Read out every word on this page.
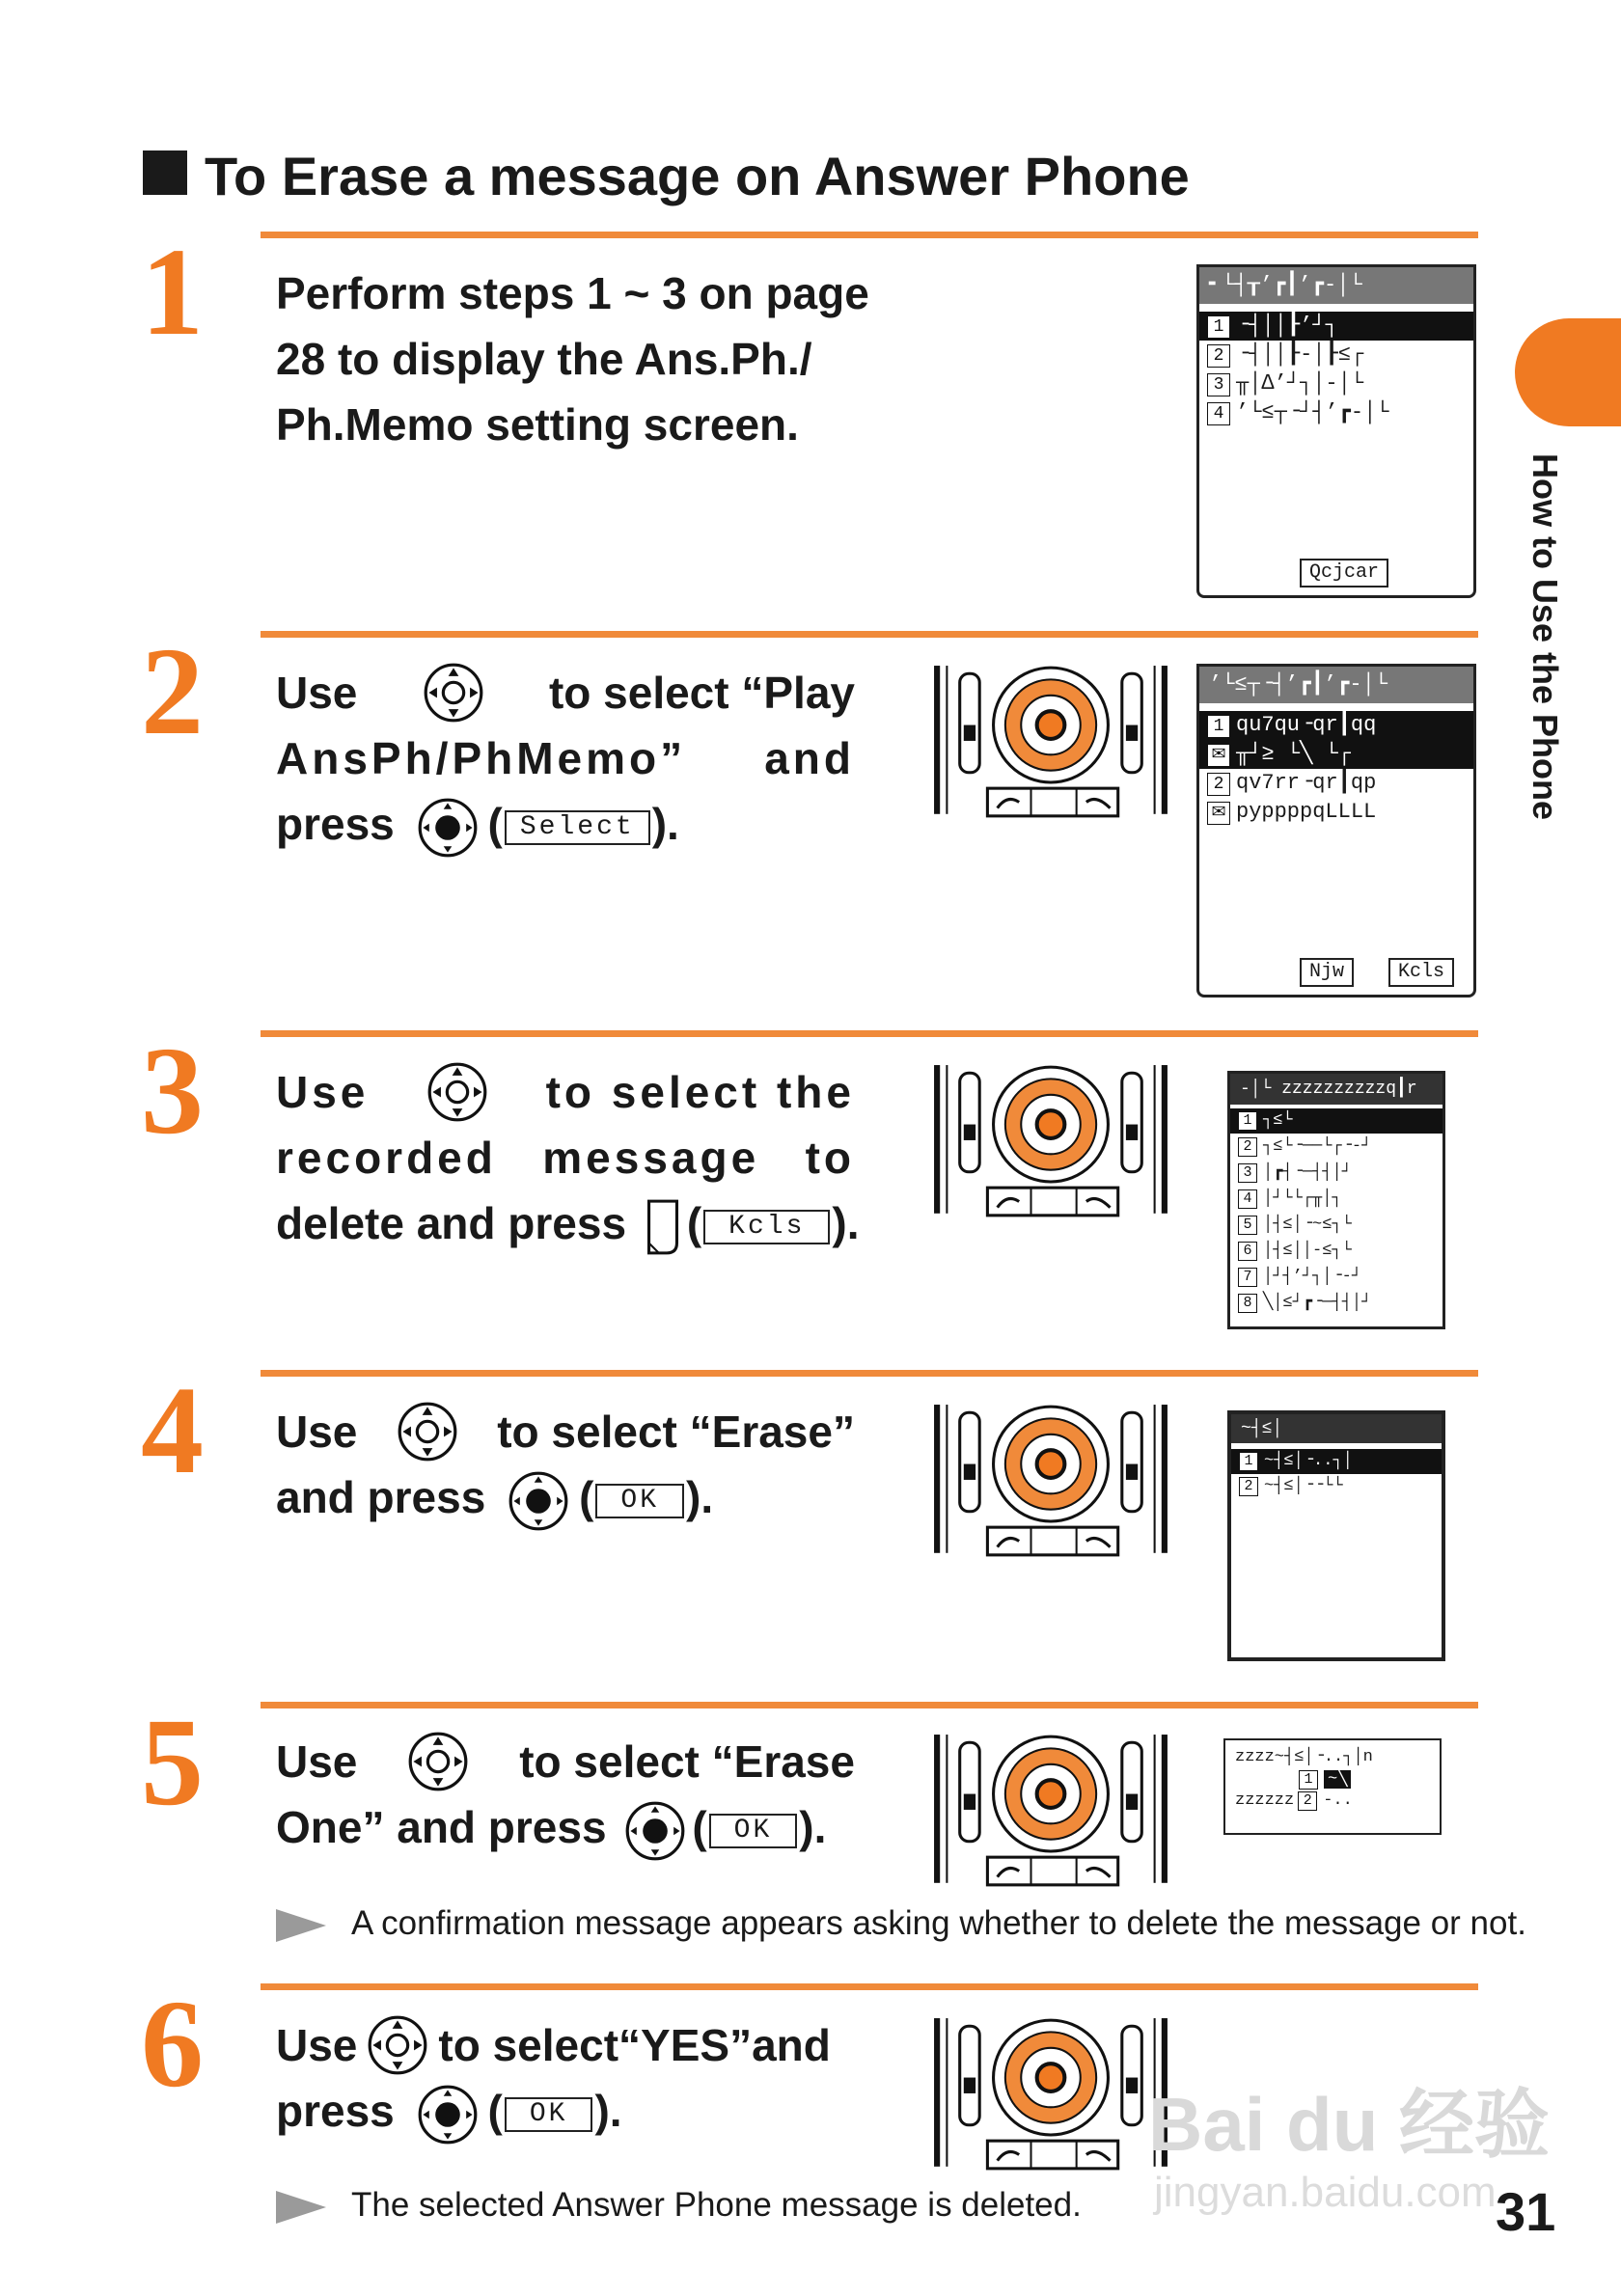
To Erase a message on Answer Phone
How to Use the Phone
1 Perform steps 1 ~ 3 on page
28 to display the Ans.Ph./
Ph.Memo setting screen.
╸└┤┰’┏┃’┏-│└
1 ╶┤││┠’┘┐
2 ╶┤││┠-│┠≤┌
3 ╥│∆’┘┐│-│└
4 ’└≤┬╶┘┤’┏-│└
Qcjcar
2 Use	to select “Play
AnsPh/PhMemo” and
press ( Select ).
’└≤┬╶┤’┏┃’┏-│└
1 qu7qu╶qr┃qq
✉ ╥┘≥ └╲ └┌
2 qv7rr╶qr┃qp
✉ pyppppqLLLL
Njw	Kcls
3 Use	to select the
recorded message to
delete and press ( Kcls ).
-│└ zzzzzzzzzzq┃r
1 ┐≤└
2 ┐≤└╶──└┌╶-┘
3 │┏┤╶─┤┤│┘
4 │┘└└┌╥│┐
5 │┤≤│╶~≤┐└
6 │┤≤││-≤┐└
7 │┘┤’┘┐│╶-┘
8 ╲│≤┘┏╶─┤┤│┘
4 Use	to select “Erase”
and press ( OK ).
~┤≤│
1 ~┤≤│╶..┐│
2 ~┤≤│╶╶└└
5 Use	to select “Erase
One” and press ( OK ).
zzzz~┤≤│╶..┐│n
1 ~╲
zzzzzz 2 -..
A confirmation message appears asking whether to delete the message or not.
6 Use to select“YES”and
press ( OK ).
The selected Answer Phone message is deleted.
Bai du 经验
jingyan.baidu.com 31
